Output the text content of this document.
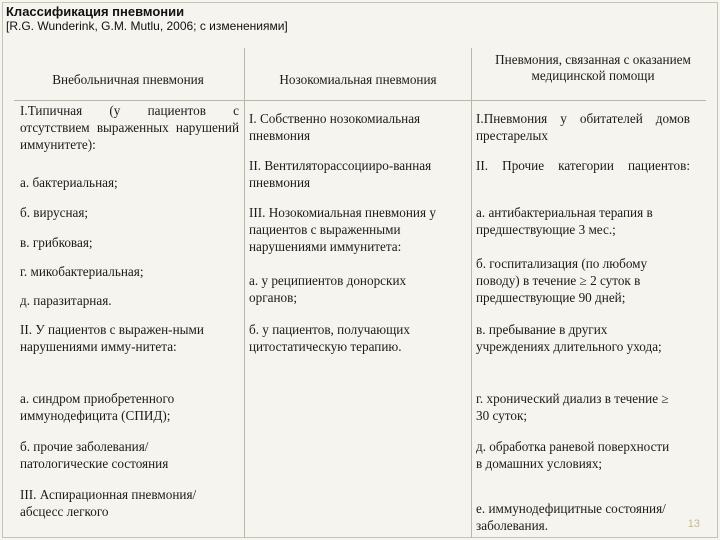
Классификация пневмонии
[R.G. Wunderink, G.M. Mutlu, 2006; с изменениями]
Внебольничная пневмония	Нозокомиальная пневмония
Пневмония, связанная с оказанием медицинской помощи
I.Типичная (у пациентов с отсутствием выраженных нарушений иммунитете):
а. бактериальная;
б. вирусная;
в. грибковая;
г. микобактериальная;
д. паразитарная.
II. У пациентов с выражен-ными нарушениями имму-нитета:
а. синдром приобретенного иммунодефицита (СПИД);
б. прочие заболевания/ патологические состояния
III. Аспирационная пневмония/абсцесс легкого
I. Собственно нозокомиальная пневмония
II. Вентиляторассоцииро-ванная пневмония
III. Нозокомиальная пневмония у пациентов с выраженными нарушениями иммунитета:
а. у реципиентов донорских органов;
б. у пациентов, получающих цитостатическую терапию.
I.Пневмония у обитателей домов престарелых
II. Прочие категории пациентов:
а. антибактериальная терапия в предшествующие 3 мес.;
б. госпитализация (по любому поводу) в течение ≥ 2 суток в предшествующие 90 дней;
в. пребывание в других учреждениях длительного ухода;
г. хронический диализ в течение ≥ 30 суток;
д. обработка раневой поверхности в домашних условиях;
е. иммунодефицитные состояния/заболевания.	13
